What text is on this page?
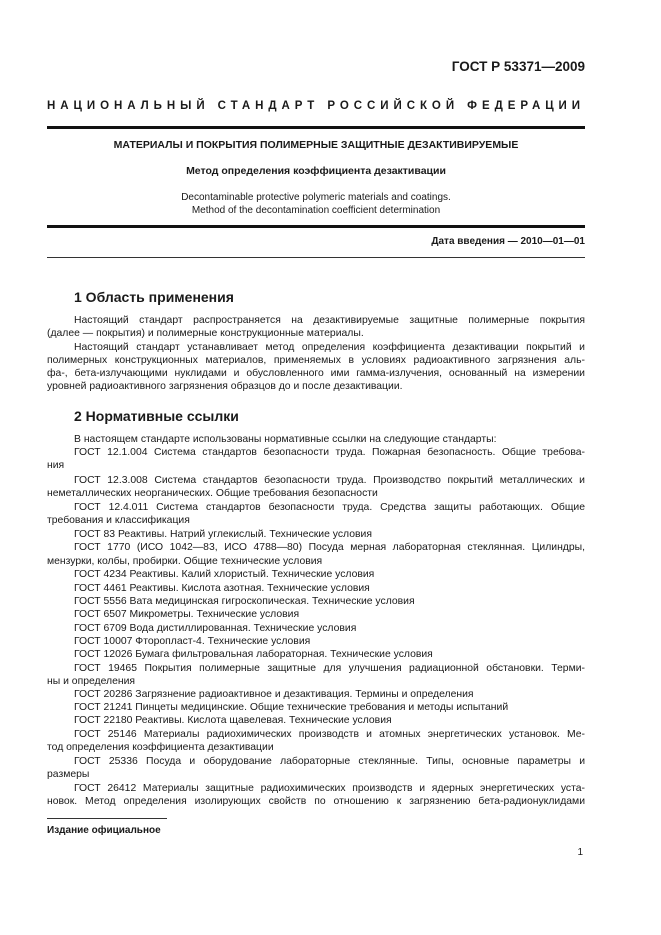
ГОСТ Р 53371—2009
НАЦИОНАЛЬНЫЙ СТАНДАРТ РОССИЙСКОЙ ФЕДЕРАЦИИ
МАТЕРИАЛЫ И ПОКРЫТИЯ ПОЛИМЕРНЫЕ ЗАЩИТНЫЕ ДЕЗАКТИВИРУЕМЫЕ
Метод определения коэффициента дезактивации
Decontaminable protective polymeric materials and coatings.
Method of the decontamination coefficient determination
Дата введения — 2010—01—01
1 Область применения
Настоящий стандарт распространяется на дезактивируемые защитные полимерные покрытия
(далее — покрытия) и полимерные конструкционные материалы.
Настоящий стандарт устанавливает метод определения коэффициента дезактивации покрытий и
полимерных конструкционных материалов, применяемых в условиях радиоактивного загрязнения аль-
фа-, бета-излучающими нуклидами и обусловленного ими гамма-излучения, основанный на измерении
уровней радиоактивного загрязнения образцов до и после дезактивации.
2 Нормативные ссылки
В настоящем стандарте использованы нормативные ссылки на следующие стандарты:
ГОСТ 12.1.004 Система стандартов безопасности труда. Пожарная безопасность. Общие требова-
ния
ГОСТ 12.3.008 Система стандартов безопасности труда. Производство покрытий металлических и
неметаллических неорганических. Общие требования безопасности
ГОСТ 12.4.011 Система стандартов безопасности труда. Средства защиты работающих. Общие
требования и классификация
ГОСТ 83 Реактивы. Натрий углекислый. Технические условия
ГОСТ 1770 (ИСО 1042—83, ИСО 4788—80) Посуда мерная лабораторная стеклянная. Цилиндры,
мензурки, колбы, пробирки. Общие технические условия
ГОСТ 4234 Реактивы. Калий хлористый. Технические условия
ГОСТ 4461 Реактивы. Кислота азотная. Технические условия
ГОСТ 5556 Вата медицинская гигроскопическая. Технические условия
ГОСТ 6507 Микрометры. Технические условия
ГОСТ 6709 Вода дистиллированная. Технические условия
ГОСТ 10007 Фторопласт-4. Технические условия
ГОСТ 12026 Бумага фильтровальная лабораторная. Технические условия
ГОСТ 19465 Покрытия полимерные защитные для улучшения радиационной обстановки. Терми-
ны и определения
ГОСТ 20286 Загрязнение радиоактивное и дезактивация. Термины и определения
ГОСТ 21241 Пинцеты медицинские. Общие технические требования и методы испытаний
ГОСТ 22180 Реактивы. Кислота щавелевая. Технические условия
ГОСТ 25146 Материалы радиохимических производств и атомных энергетических установок. Ме-
тод определения коэффициента дезактивации
ГОСТ 25336 Посуда и оборудование лабораторные стеклянные. Типы, основные параметры и
размеры
ГОСТ 26412 Материалы защитные радиохимических производств и ядерных энергетических уста-
новок. Метод определения изолирующих свойств по отношению к загрязнению бета-радионуклидами
Издание официальное
1
